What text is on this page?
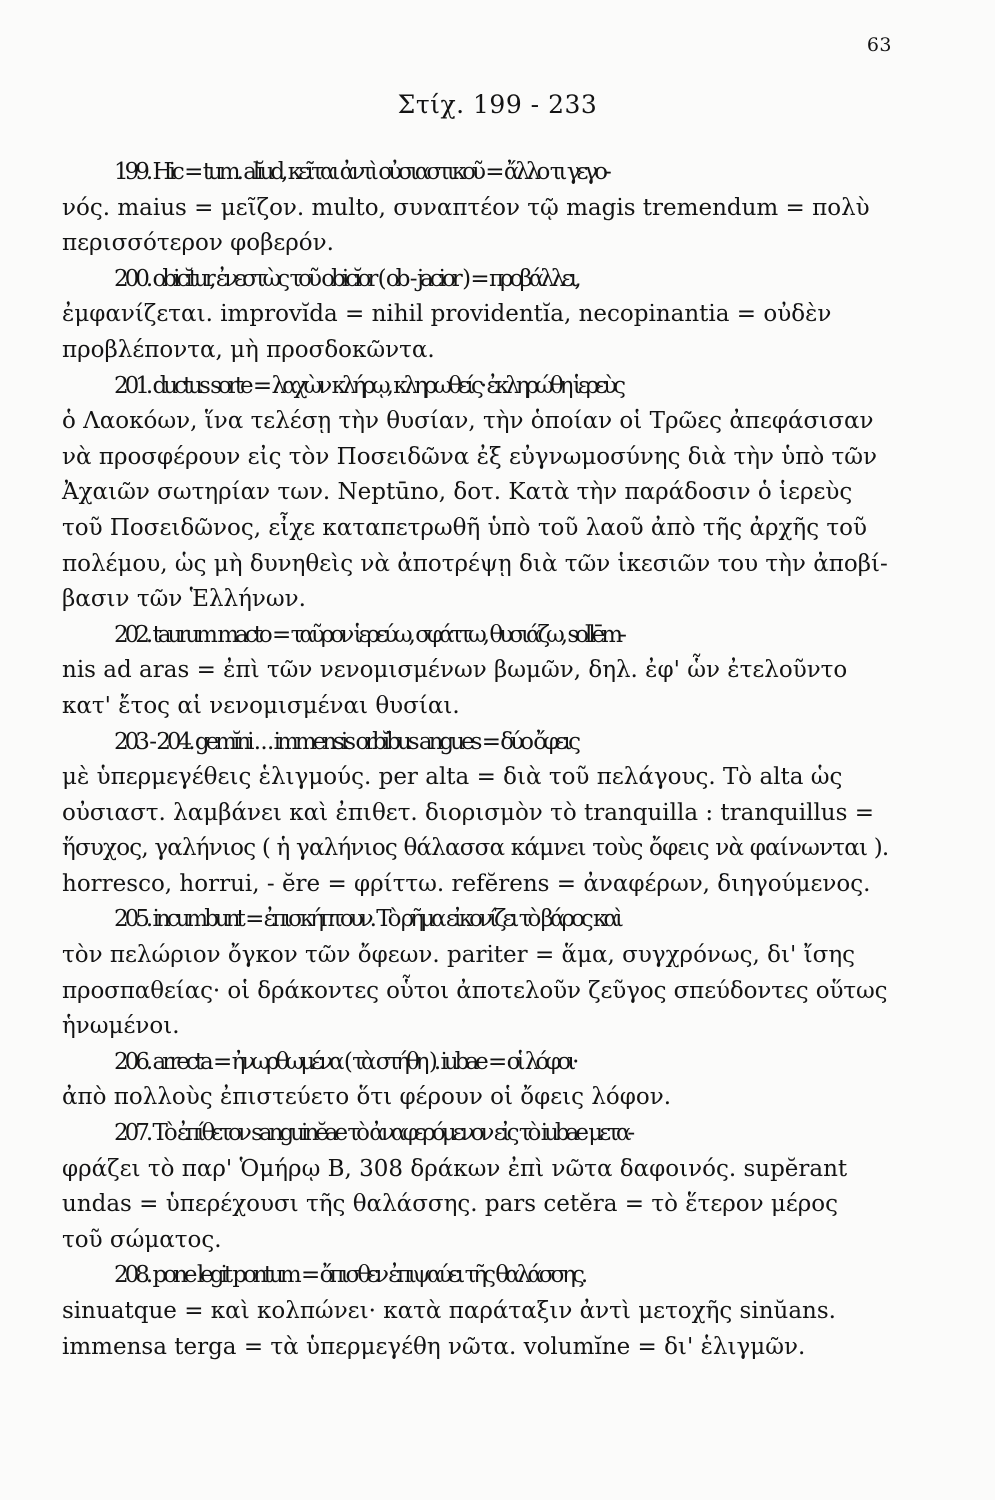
63
Στίχ. 199 - 233

199. Hic = tum. alĭud, κεῖται ἀντὶ οὐσιαστικοῦ = ἄλλο τι γεγο-
νός. maius = μεῖζον. multo, συναπτέον τῷ magis tremendum = πολὺ
περισσότερον φοβερόν.

200. obicĭtur, ἐνεστὼς τοῦ obicĭor ( ob - jacior ) = προβάλλει,
ἐμφανίζεται. improvĭda = nihil providentĭa, necopinantia = οὐδὲν
προβλέποντα, μὴ προσδοκῶντα.

201. ductus sorte = λαχὼν κλήρῳ, κληρωθείς· ἐκληρώθη ἱερεὺς
ὁ Λαοκόων, ἵνα τελέσῃ τὴν θυσίαν, τὴν ὁποίαν οἱ Τρῶες ἀπεφάσισαν
νὰ προσφέρουν εἰς τὸν Ποσειδῶνα ἐξ εὐγνωμοσύνης διὰ τὴν ὑπὸ τῶν
Ἀχαιῶν σωτηρίαν των. Neptūno, δοτ. Κατὰ τὴν παράδοσιν ὁ ἱερεὺς
τοῦ Ποσειδῶνος, εἶχε καταπετρωθῆ ὑπὸ τοῦ λαοῦ ἀπὸ τῆς ἀρχῆς τοῦ
πολέμου, ὡς μὴ δυνηθεὶς νὰ ἀποτρέψῃ διὰ τῶν ἱκεσιῶν του τὴν ἀποβί-
βασιν τῶν Ἑλλήνων.

202. taurum macto = ταῦρον ἱερεύω, σφάττω, θυσιάζω, sollēm-
nis ad aras = ἐπὶ τῶν νενομισμένων βωμῶν, δηλ. ἐφ' ὧν ἐτελοῦντο
κατ' ἔτος αἱ νενομισμέναι θυσίαι.

203 - 204. gemĭni . . . immensis orbĭbus angues = δύο ὄφεις
μὲ ὑπερμεγέθεις ἑλιγμούς. per alta = διὰ τοῦ πελάγους. Τὸ alta ὡς
οὐσιαστ. λαμβάνει καὶ ἐπιθετ. διορισμὸν τὸ tranquilla : tranquillus =
ἥσυχος, γαλήνιος ( ἡ γαλήνιος θάλασσα κάμνει τοὺς ὄφεις νὰ φαίνωνται ).
horresco, horrui, - ĕre = φρίττω. refĕrens = ἀναφέρων, διηγούμενος.

205. incumbunt = ἐπισκήπτουν. Τὸ ρῆμα εἰκονίζει τὸ βάρος καὶ
τὸν πελώριον ὄγκον τῶν ὄφεων. pariter = ἅμα, συγχρόνως, δι' ἴσης
προσπαθείας· οἱ δράκοντες οὗτοι ἀποτελοῦν ζεῦγος σπεύδοντες οὕτως
ἡνωμένοι.

206. arrecta = ἠνωρθωμένα ( τὰ στήθη ). iubae = οἱ λόφοι·
ἀπὸ πολλοὺς ἐπιστεύετο ὅτι φέρουν οἱ ὄφεις λόφον.

207. Τὸ ἐπίθετον sanguinĕae τὸ ἀναφερόμενον εἰς τὸ iubae μετα-
φράζει τὸ παρ' Ὁμήρῳ Β, 308 δράκων ἐπὶ νῶτα δαφοινός. supĕrant
undas = ὑπερέχουσι τῆς θαλάσσης. pars cetĕra = τὸ ἕτερον μέρος
τοῦ σώματος.

208. pone legit pontum = ὄπισθεν ἐπιψαύει τῆς θαλάσσης.
sinuatque = καὶ κολπώνει· κατὰ παράταξιν ἀντὶ μετοχῆς sinŭans.
immensa terga = τὰ ὑπερμεγέθη νῶτα. volumĭne = δι' ἑλιγμῶν.
